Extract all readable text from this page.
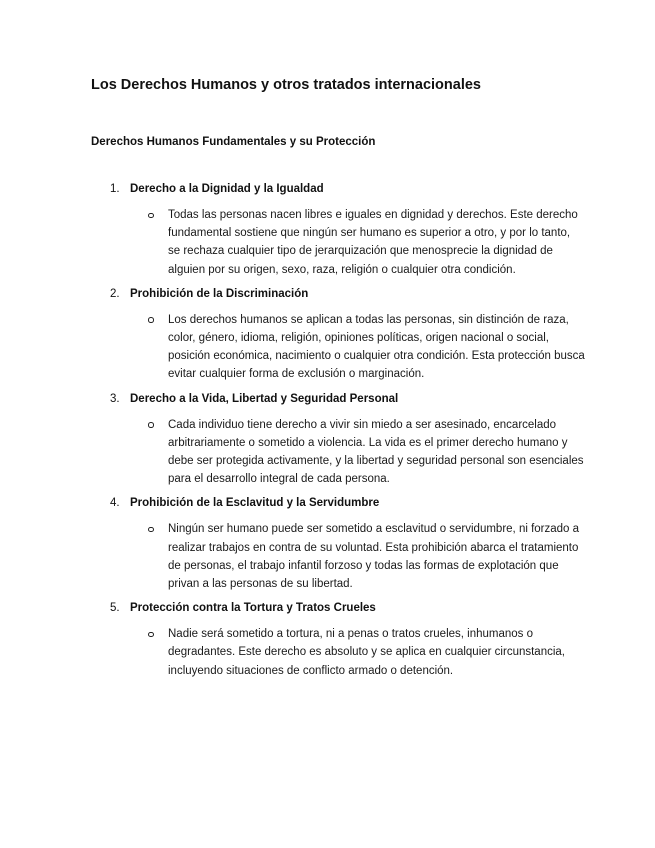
Los Derechos Humanos y otros tratados internacionales
Derechos Humanos Fundamentales y su Protección
1. Derecho a la Dignidad y la Igualdad
Todas las personas nacen libres e iguales en dignidad y derechos. Este derecho fundamental sostiene que ningún ser humano es superior a otro, y por lo tanto, se rechaza cualquier tipo de jerarquización que menosprecie la dignidad de alguien por su origen, sexo, raza, religión o cualquier otra condición.
2. Prohibición de la Discriminación
Los derechos humanos se aplican a todas las personas, sin distinción de raza, color, género, idioma, religión, opiniones políticas, origen nacional o social, posición económica, nacimiento o cualquier otra condición. Esta protección busca evitar cualquier forma de exclusión o marginación.
3. Derecho a la Vida, Libertad y Seguridad Personal
Cada individuo tiene derecho a vivir sin miedo a ser asesinado, encarcelado arbitrariamente o sometido a violencia. La vida es el primer derecho humano y debe ser protegida activamente, y la libertad y seguridad personal son esenciales para el desarrollo integral de cada persona.
4. Prohibición de la Esclavitud y la Servidumbre
Ningún ser humano puede ser sometido a esclavitud o servidumbre, ni forzado a realizar trabajos en contra de su voluntad. Esta prohibición abarca el tratamiento de personas, el trabajo infantil forzoso y todas las formas de explotación que privan a las personas de su libertad.
5. Protección contra la Tortura y Tratos Crueles
Nadie será sometido a tortura, ni a penas o tratos crueles, inhumanos o degradantes. Este derecho es absoluto y se aplica en cualquier circunstancia, incluyendo situaciones de conflicto armado o detención.
